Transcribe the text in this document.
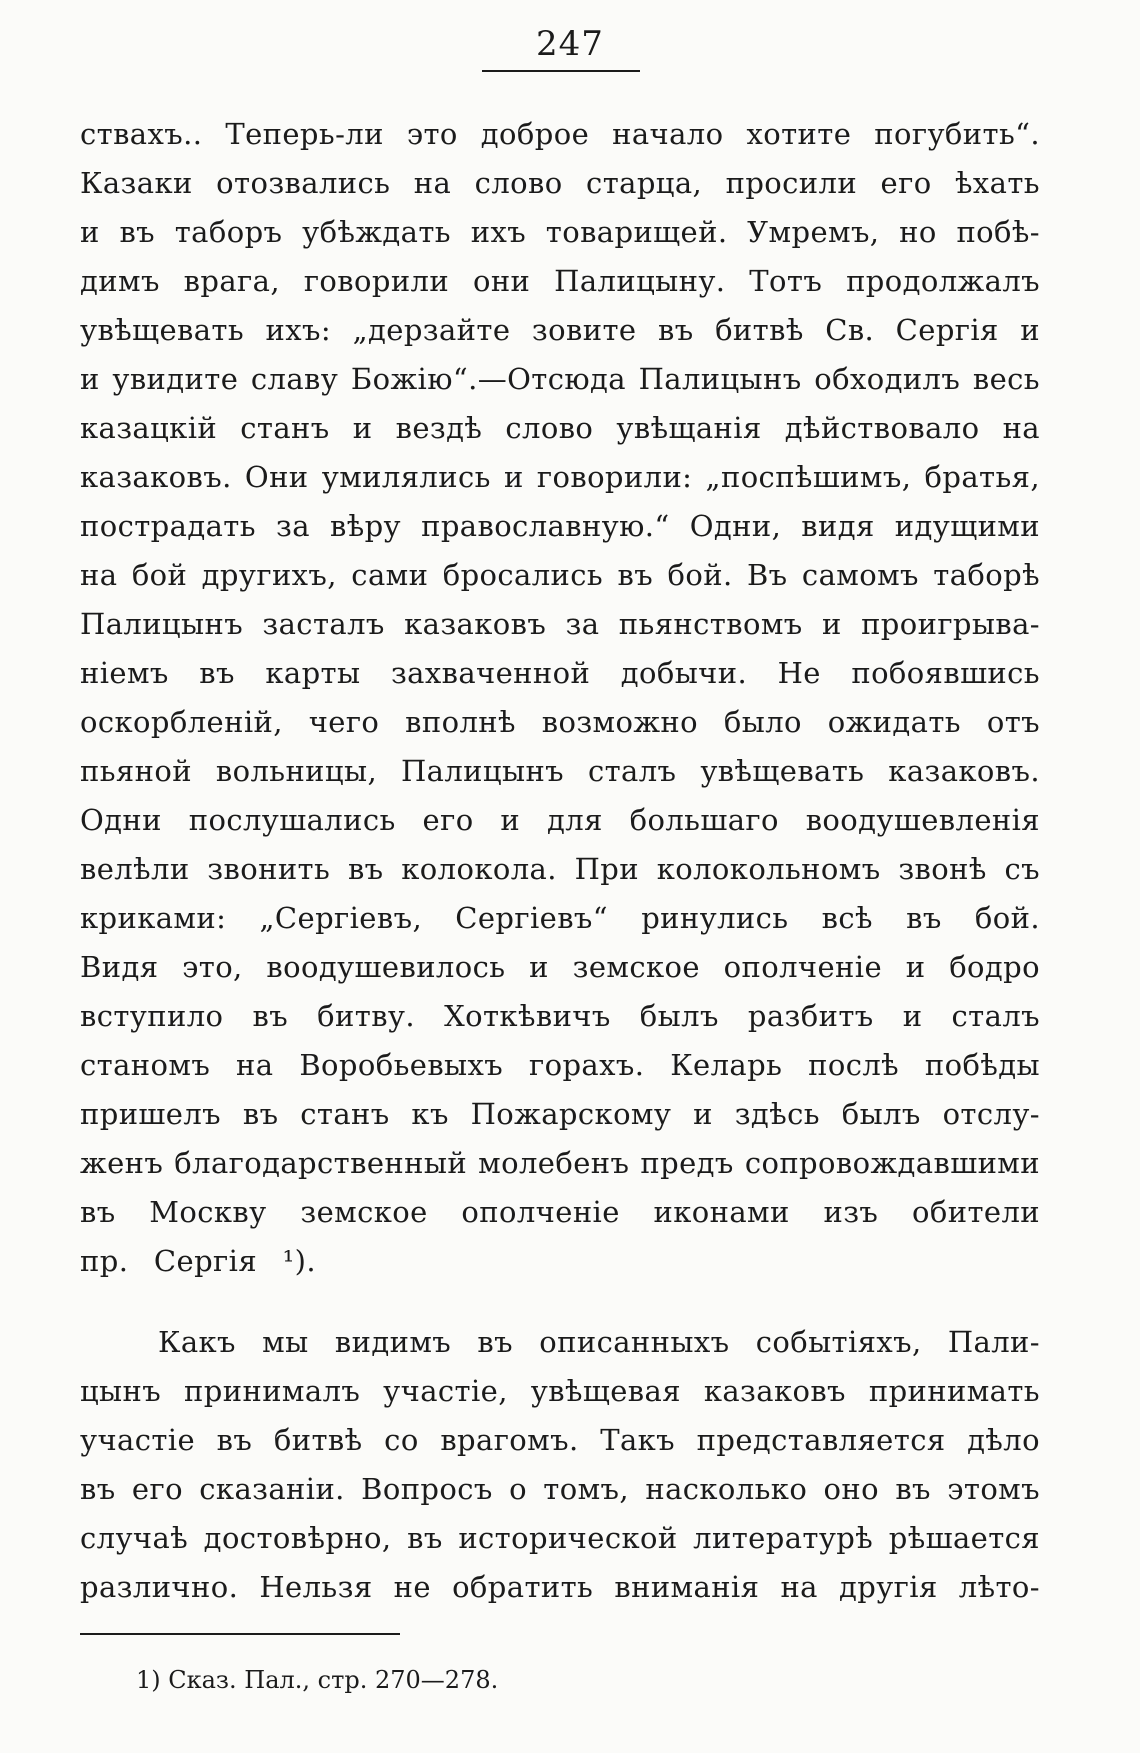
247
ствахъ.. Теперь-ли это доброе начало хотите погубить“.
Казаки отозвались на слово старца, просили его ѣхать
и въ таборъ убѣждать ихъ товарищей. Умремъ, но побѣ-
димъ врага, говорили они Палицыну. Тотъ продолжалъ
увѣщевать ихъ: „дерзайте зовите въ битвѣ Св. Сергія и
и увидите славу Божію“.—Отсюда Палицынъ обходилъ весь
казацкій станъ и вездѣ слово увѣщанія дѣйствовало на
казаковъ. Они умилялись и говорили: „поспѣшимъ, братья,
пострадать за вѣру православную.“ Одни, видя идущими
на бой другихъ, сами бросались въ бой. Въ самомъ таборѣ
Палицынъ засталъ казаковъ за пьянствомъ и проигрыва-
ніемъ въ карты захваченной добычи. Не побоявшись
оскорбленій, чего вполнѣ возможно было ожидать отъ
пьяной вольницы, Палицынъ сталъ увѣщевать казаковъ.
Одни послушались его и для большаго воодушевленія
велѣли звонить въ колокола. При колокольномъ звонѣ съ
криками: „Сергіевъ, Сергіевъ“ ринулись всѣ въ бой.
Видя это, воодушевилось и земское ополченіе и бодро
вступило въ битву. Хоткѣвичъ былъ разбитъ и сталъ
станомъ на Воробьевыхъ горахъ. Келарь послѣ побѣды
пришелъ въ станъ къ Пожарскому и здѣсь былъ отслу-
женъ благодарственный молебенъ предъ сопровождавшими
въ Москву земское ополченіе иконами изъ обители
пр. Сергія ¹).
Какъ мы видимъ въ описанныхъ событіяхъ, Пали-
цынъ принималъ участіе, увѣщевая казаковъ принимать
участіе въ битвѣ со врагомъ. Такъ представляется дѣло
въ его сказаніи. Вопросъ о томъ, насколько оно въ этомъ
случаѣ достовѣрно, въ исторической литературѣ рѣшается
различно. Нельзя не обратить вниманія на другія лѣто-
1) Сказ. Пал., стр. 270—278.
